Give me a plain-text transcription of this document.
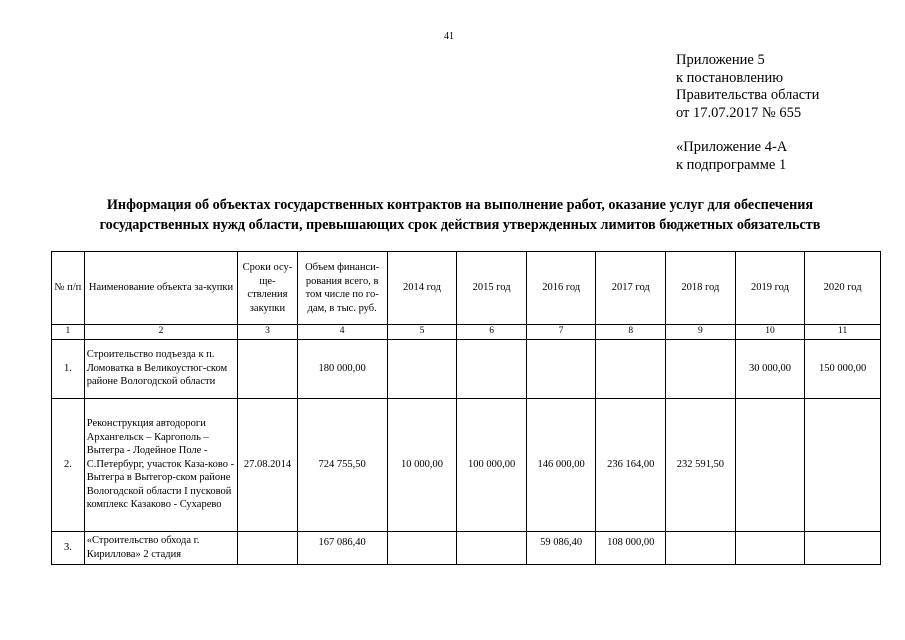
41
Приложение 5
к постановлению
Правительства области
от 17.07.2017 № 655
«Приложение 4-А
к подпрограмме 1
Информация об объектах государственных контрактов на выполнение работ, оказание услуг для обеспечения
государственных нужд области, превышающих срок действия утвержденных лимитов бюджетных обязательств
№ п/п	Наименование объекта за-купки	Сроки осу-ще-ствления закупки	Объем финанси-рования всего, в том числе по го-дам, в тыс. руб.	2014 год	2015 год	2016 год	2017 год	2018 год	2019 год	2020 год
1	2	3	4	5	6	7	8	9	10	11
1.	Строительство подъезда к п. Ломоватка в Великоустюг-ском районе Вологодской области		180 000,00						30 000,00	150 000,00
2.	Реконструкция автодороги Архангельск – Каргополь – Вытегра - Лодейное Поле - С.Петербург, участок Каза-ково - Вытегра в Вытегор-ском районе Вологодской области I пусковой комплекс Казаково - Сухарево	27.08.2014	724 755,50	10 000,00	100 000,00	146 000,00	236 164,00	232 591,50		
3.	«Строительство обхода г. Кириллова» 2 стадия		167 086,40			59 086,40	108 000,00			
